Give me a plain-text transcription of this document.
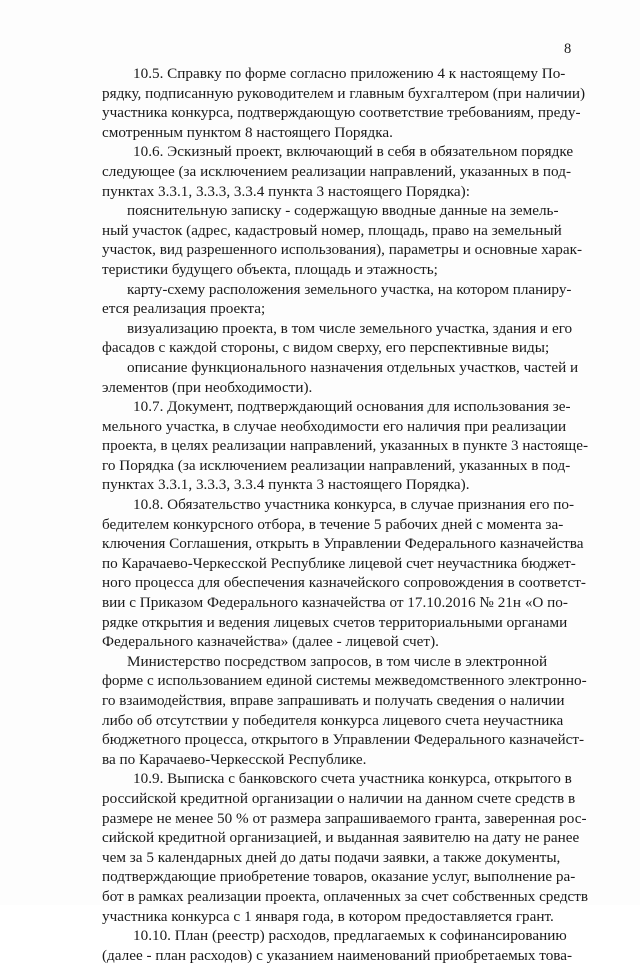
8
10.5. Справку по форме согласно приложению 4 к настоящему По-
рядку, подписанную руководителем и главным бухгалтером (при наличии)
участника конкурса, подтверждающую соответствие требованиям, преду-
смотренным пунктом 8 настоящего Порядка.
10.6. Эскизный проект, включающий в себя в обязательном порядке
следующее (за исключением реализации направлений, указанных в под-
пунктах 3.3.1, 3.3.3, 3.3.4 пункта 3 настоящего Порядка):
пояснительную записку - содержащую вводные данные на земель-
ный участок (адрес, кадастровый номер, площадь, право на земельный
участок, вид разрешенного использования), параметры и основные харак-
теристики будущего объекта, площадь и этажность;
карту-схему расположения земельного участка, на котором планиру-
ется реализация проекта;
визуализацию проекта, в том числе земельного участка, здания и его
фасадов с каждой стороны, с видом сверху, его перспективные виды;
описание функционального назначения отдельных участков, частей и
элементов (при необходимости).
10.7. Документ, подтверждающий основания для использования зе-
мельного участка, в случае необходимости его наличия при реализации
проекта, в целях реализации направлений, указанных в пункте 3 настояще-
го Порядка (за исключением реализации направлений, указанных в под-
пунктах 3.3.1, 3.3.3, 3.3.4 пункта 3 настоящего Порядка).
10.8. Обязательство участника конкурса, в случае признания его по-
бедителем конкурсного отбора, в течение 5 рабочих дней с момента за-
ключения Соглашения, открыть в Управлении Федерального казначейства
по Карачаево-Черкесской Республике лицевой счет неучастника бюджет-
ного процесса для обеспечения казначейского сопровождения в соответст-
вии с Приказом Федерального казначейства от 17.10.2016 № 21н «О по-
рядке открытия и ведения лицевых счетов территориальными органами
Федерального казначейства» (далее - лицевой счет).
Министерство посредством запросов, в том числе в электронной
форме с использованием единой системы межведомственного электронно-
го взаимодействия, вправе запрашивать и получать сведения о наличии
либо об отсутствии у победителя конкурса лицевого счета неучастника
бюджетного процесса, открытого в Управлении Федерального казначейст-
ва по Карачаево-Черкесской Республике.
10.9. Выписка с банковского счета участника конкурса, открытого в
российской кредитной организации о наличии на данном счете средств в
размере не менее 50 % от размера запрашиваемого гранта, заверенная рос-
сийской кредитной организацией, и выданная заявителю на дату не ранее
чем за 5 календарных дней до даты подачи заявки, а также документы,
подтверждающие приобретение товаров, оказание услуг, выполнение ра-
бот в рамках реализации проекта, оплаченных за счет собственных средств
участника конкурса с 1 января года, в котором предоставляется грант.
10.10. План (реестр) расходов, предлагаемых к софинансированию
(далее - план расходов) с указанием наименований приобретаемых това-
